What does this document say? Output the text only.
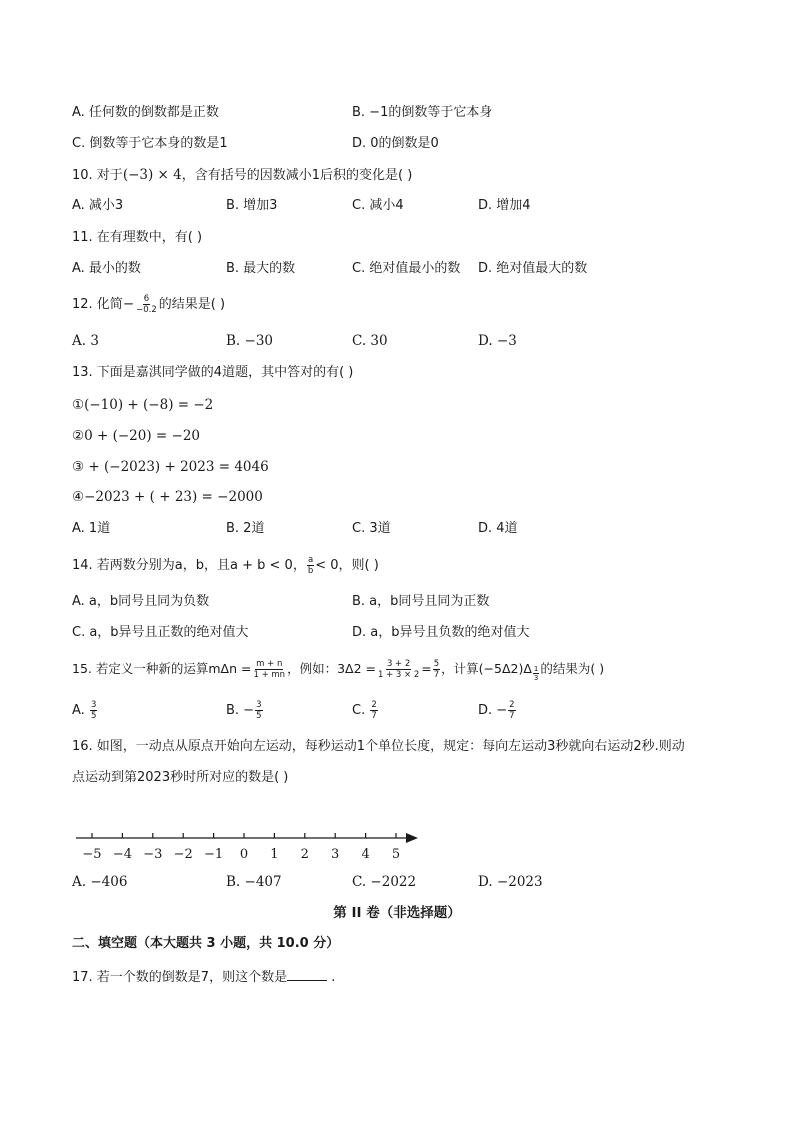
A. 任何数的倒数都是正数	B. −1的倒数等于它本身
C. 倒数等于它本身的数是1	D. 0的倒数是0
10. 对于(−3) × 4，含有括号的因数减小1后积的变化是( )
A. 减小3	B. 增加3	C. 减小4	D. 增加4
11. 在有理数中，有( )
A. 最小的数	B. 最大的数	C. 绝对值最小的数 D. 绝对值最大的数
12. 化简− $\frac{6}{-0.2}$ 的结果是( )
A. 3	B. −30	C. 30	D. −3
13. 下面是嘉淇同学做的4道题，其中答对的有( )
①(−10) + (−8) = −2
②0 + (−20) = −20
③ + (−2023) + 2023 = 4046
④−2023 + ( + 23) = −2000
A. 1道	B. 2道	C. 3道	D. 4道
14. 若两数分别为a，b，且a + b < 0， $\frac{a}{b} < 0$，则( )
A. a，b同号且同为负数	B. a，b同号且同为正数
C. a，b异号且正数的绝对值大	D. a，b异号且负数的绝对值大
15. 若定义一种新的运算$m\Delta n = \frac{m + n}{1 + mn}$ ，例如：$3\Delta 2 = \frac{3 + 2}{1 + 3 \times 2} = \frac{5}{7}$ ，计算$(-5\Delta 2)\Delta \frac{1}{3}$ 的结果为( )
A. $\frac{3}{5}$	B. − $\frac{3}{5}$	C. $\frac{2}{7}$	D. − $\frac{2}{7}$
16. 如图，一动点从原点开始向左运动，每秒运动1个单位长度，规定：每向左运动3秒就向右运动2秒.则动
点运动到第2023秒时所对应的数是( )
−5 −4 −3 −2 −1 0 1 2 3 4 5
A. −406	B. −407	C. −2022	D. −2023
第 II 卷（非选择题）
二、填空题（本大题共 3 小题，共 10.0 分）
17. 若一个数的倒数是7，则这个数是	.
